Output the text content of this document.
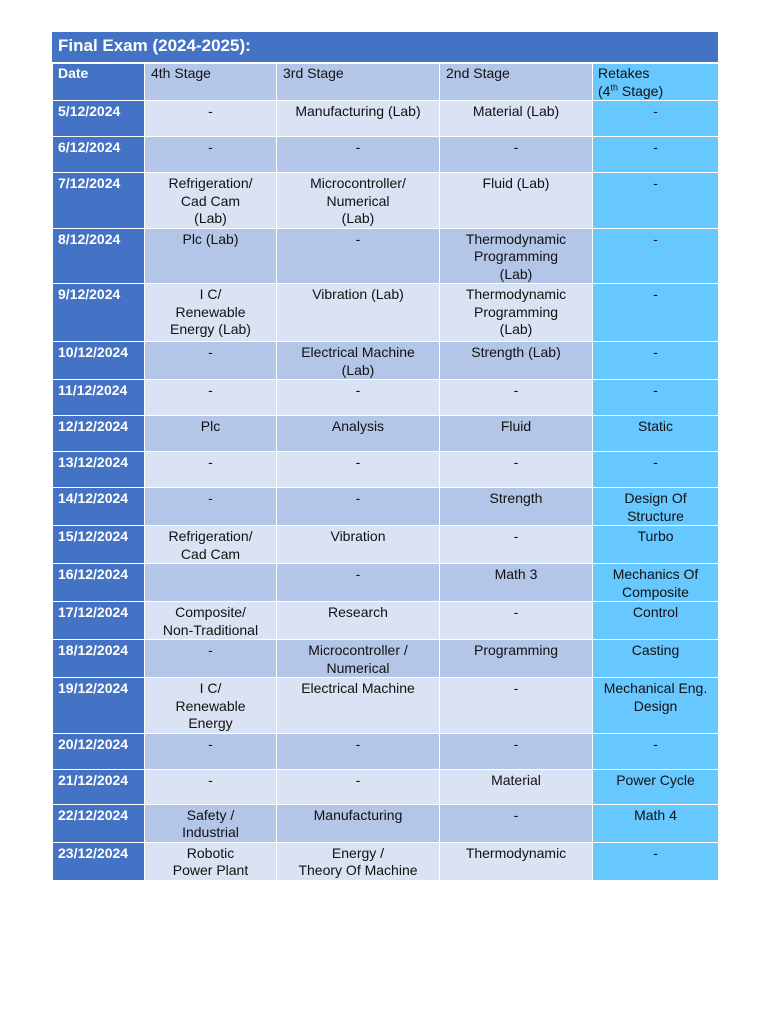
Final Exam (2024-2025):
Date	4th Stage	3rd Stage	2nd Stage	Retakes
(4th Stage)
5/12/2024	-	Manufacturing (Lab)	Material (Lab)	-
6/12/2024	-	-	-	-
7/12/2024	Refrigeration/
Cad Cam
(Lab)	Microcontroller/
Numerical
(Lab)	Fluid (Lab)	-
8/12/2024	Plc (Lab)	-	Thermodynamic
Programming
(Lab)	-
9/12/2024	I C/
Renewable
Energy (Lab)	Vibration (Lab)	Thermodynamic
Programming
(Lab)	-
10/12/2024	-	Electrical Machine
(Lab)	Strength (Lab)	-
11/12/2024	-	-	-	-
12/12/2024	Plc	Analysis	Fluid	Static
13/12/2024	-	-	-	-
14/12/2024	-	-	Strength	Design Of
Structure
15/12/2024	Refrigeration/
Cad Cam	Vibration	-	Turbo
16/12/2024		-	Math 3	Mechanics Of
Composite
17/12/2024	Composite/
Non-Traditional	Research	-	Control
18/12/2024	-	Microcontroller /
Numerical	Programming	Casting
19/12/2024	I C/
Renewable
Energy	Electrical Machine	-	Mechanical Eng.
Design
20/12/2024	-	-	-	-
21/12/2024	-	-	Material	Power Cycle
22/12/2024	Safety /
Industrial	Manufacturing	-	Math 4
23/12/2024	Robotic
Power Plant	Energy /
Theory Of Machine	Thermodynamic	-
